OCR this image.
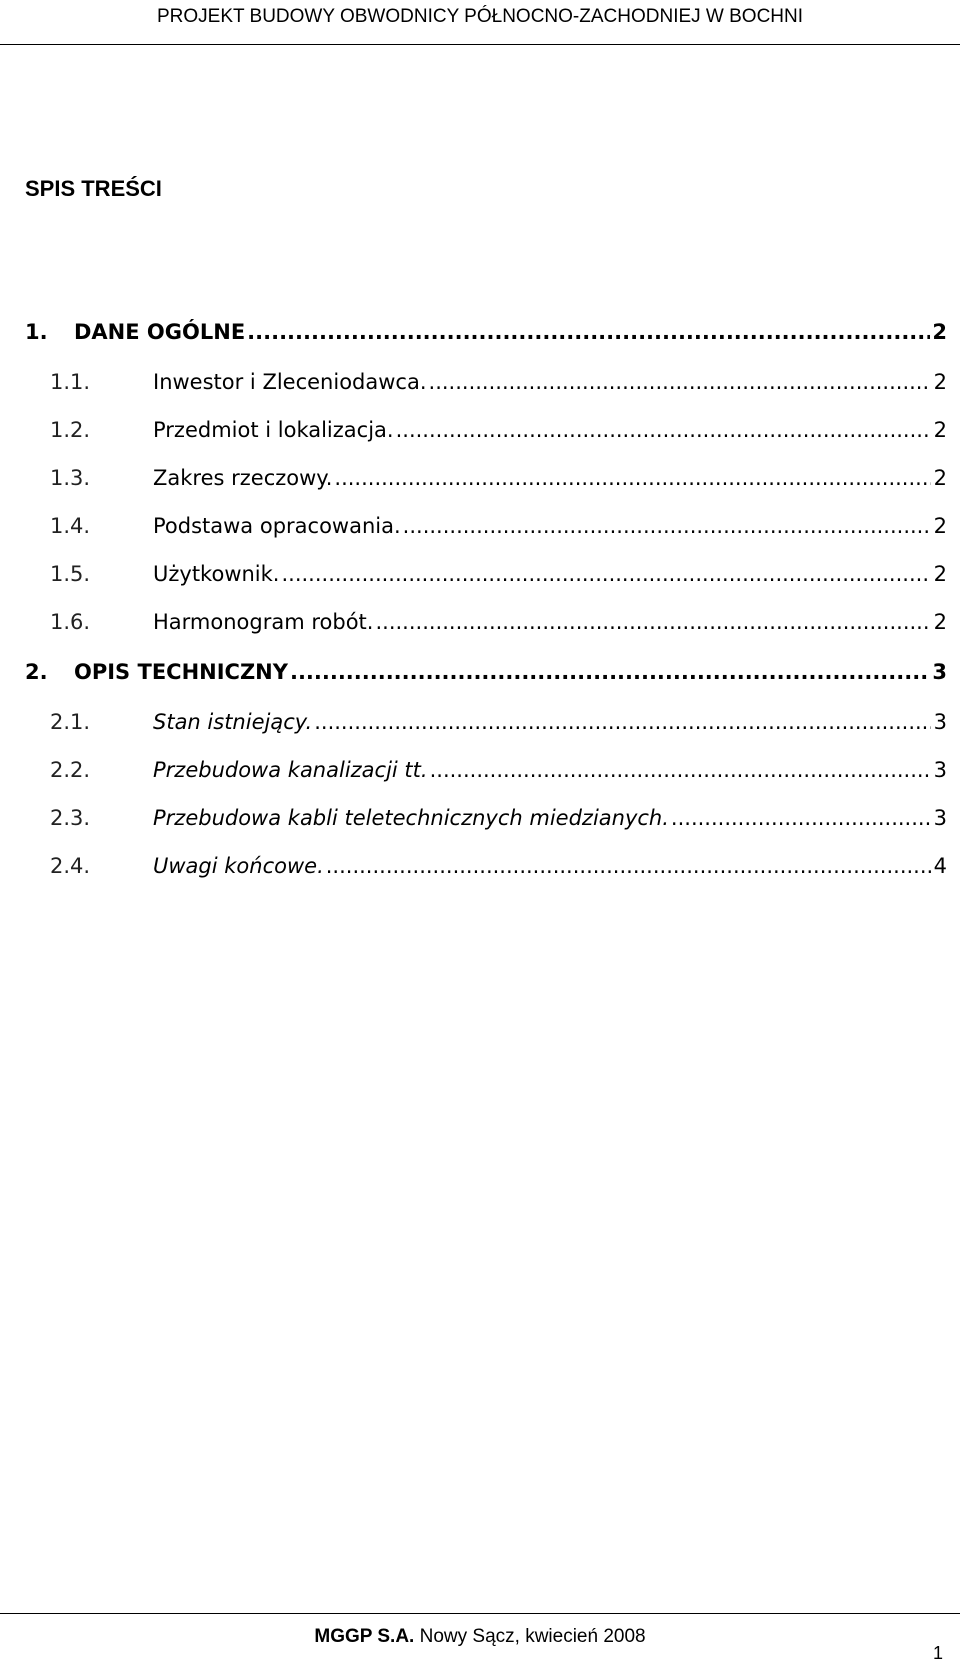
PROJEKT BUDOWY OBWODNICY PÓŁNOCNO-ZACHODNIEJ W BOCHNI
SPIS TREŚCI
1.	DANE OGÓLNE .....	2
1.1.	Inwestor i Zleceniodawca. .....	2
1.2.	Przedmiot i lokalizacja. .....	2
1.3.	Zakres rzeczowy. .....	2
1.4.	Podstawa opracowania. .....	2
1.5.	Użytkownik. .....	2
1.6.	Harmonogram robót. .....	2
2.	OPIS TECHNICZNY .....	3
2.1.	Stan istniejący. .....	3
2.2.	Przebudowa kanalizacji tt. .....	3
2.3.	Przebudowa kabli teletechnicznych miedzianych. .....	3
2.4.	Uwagi końcowe. .....	4
MGGP S.A. Nowy Sącz, kwiecień 2008
1
